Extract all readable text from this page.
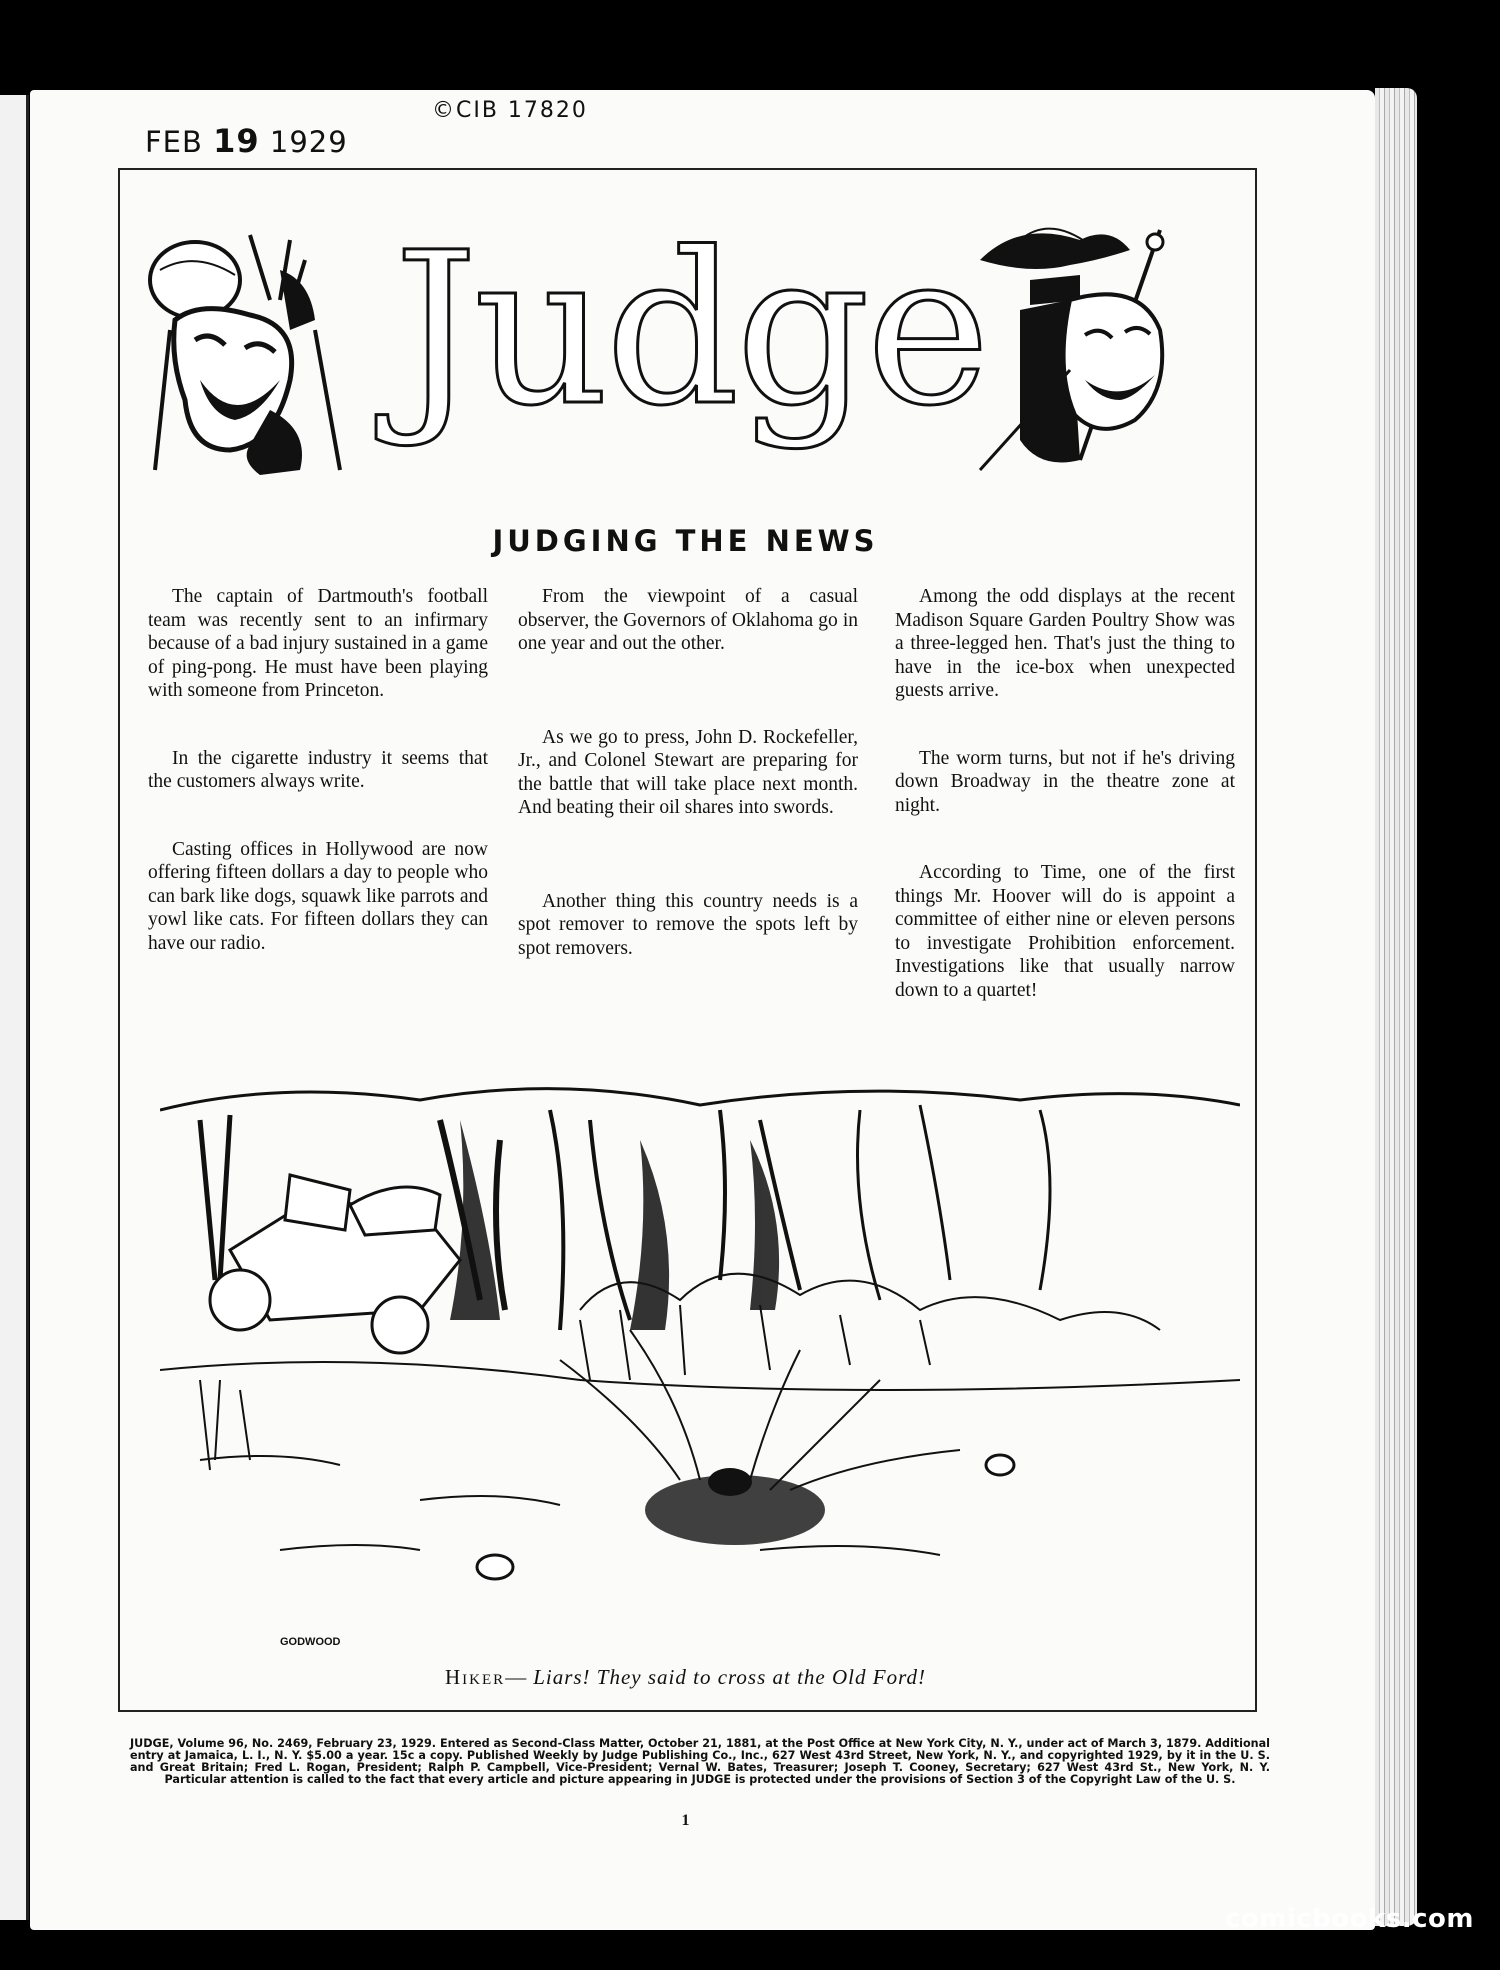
FEB 19 1929
©CIB 17820
Judge
JUDGING THE NEWS

The captain of Dartmouth's football team was recently sent to an infirmary because of a bad injury sustained in a game of ping-pong. He must have been playing with someone from Princeton.

In the cigarette industry it seems that the customers always write.

Casting offices in Hollywood are now offering fifteen dollars a day to people who can bark like dogs, squawk like parrots and yowl like cats. For fifteen dollars they can have our radio.

From the viewpoint of a casual observer, the Governors of Oklahoma go in one year and out the other.

As we go to press, John D. Rockefeller, Jr., and Colonel Stewart are preparing for the battle that will take place next month. And beating their oil shares into swords.

Another thing this country needs is a spot remover to remove the spots left by spot removers.

Among the odd displays at the recent Madison Square Garden Poultry Show was a three-legged hen. That's just the thing to have in the ice-box when unexpected guests arrive.

The worm turns, but not if he's driving down Broadway in the theatre zone at night.

According to Time, one of the first things Mr. Hoover will do is appoint a committee of either nine or eleven persons to investigate Prohibition enforcement. Investigations like that usually narrow down to a quartet!

GODWOOD
Hiker— Liars! They said to cross at the Old Ford!
JUDGE, Volume 96, No. 2469, February 23, 1929. Entered as Second-Class Matter, October 21, 1881, at the Post Office at New York City, N. Y., under act of March 3, 1879. Additional entry at Jamaica, L. I., N. Y. $5.00 a year. 15c a copy. Published Weekly by Judge Publishing Co., Inc., 627 West 43rd Street, New York, N. Y., and copyrighted 1929, by it in the U. S. and Great Britain; Fred L. Rogan, President; Ralph P. Campbell, Vice-President; Vernal W. Bates, Treasurer; Joseph T. Cooney, Secretary; 627 West 43rd St., New York, N. Y. Particular attention is called to the fact that every article and picture appearing in JUDGE is protected under the provisions of Section 3 of the Copyright Law of the U. S.
1
comicbooks.com
